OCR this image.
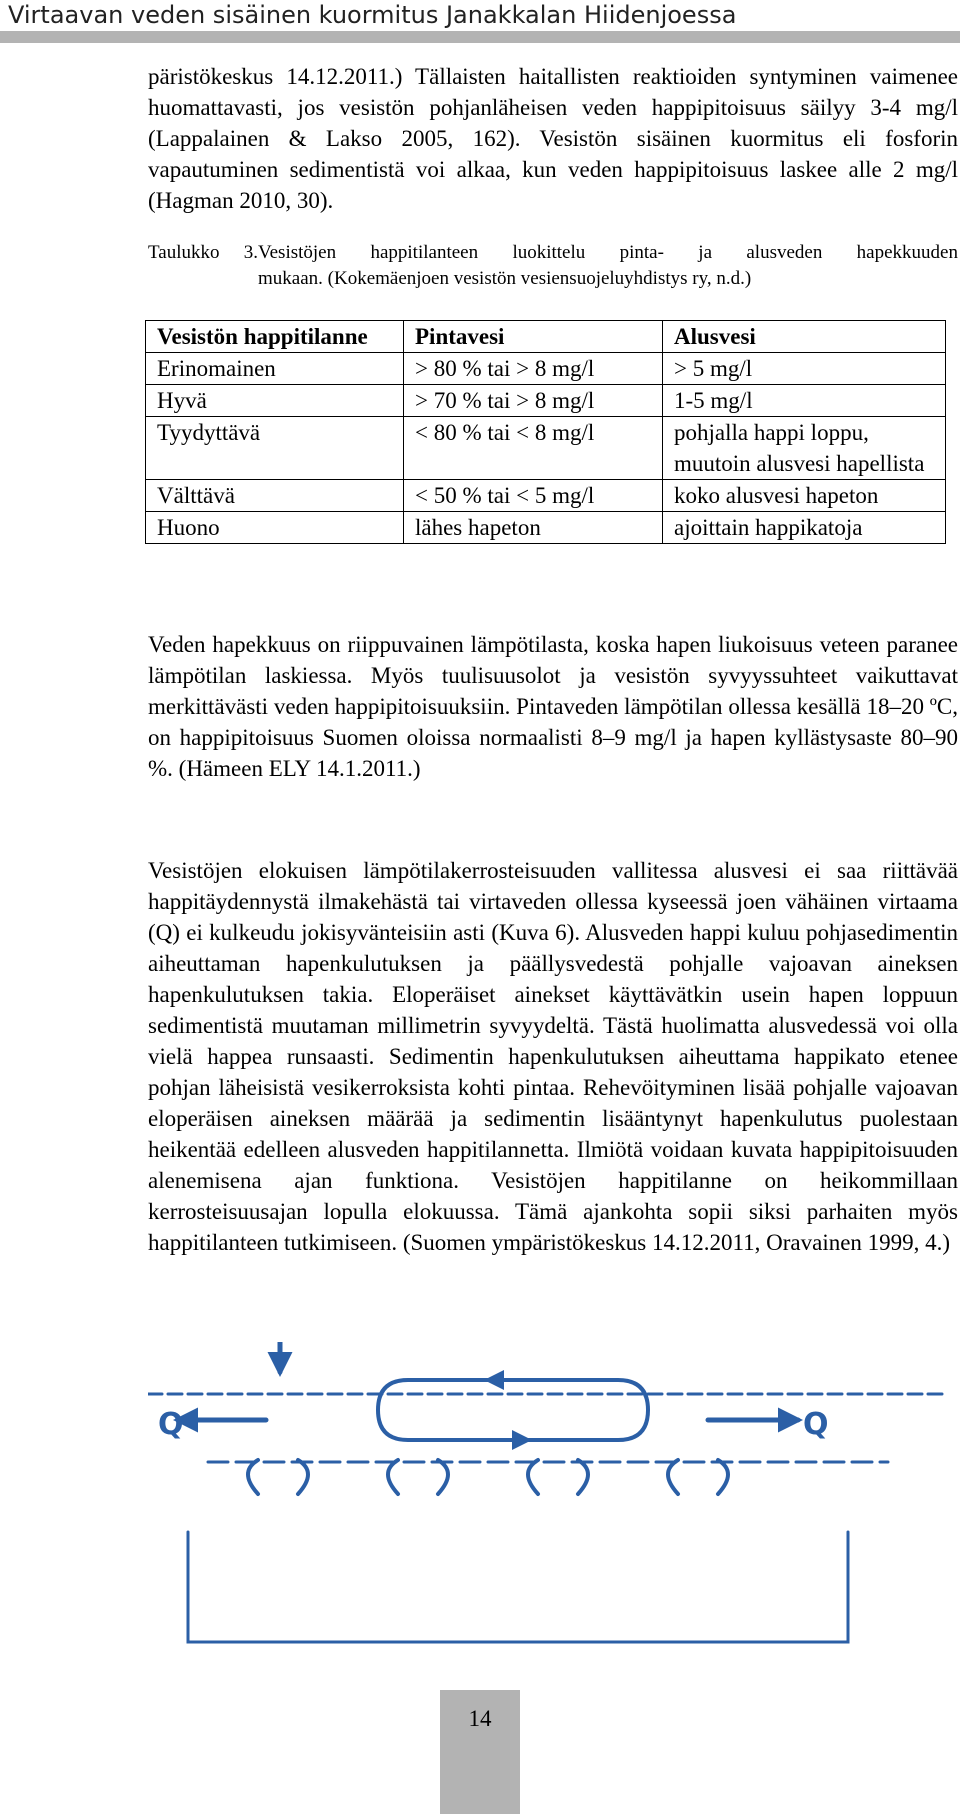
Virtaavan veden sisäinen kuormitus Janakkalan Hiidenjoessa

päristökeskus 14.12.2011.) Tällaisten haitallisten reaktioiden syntyminen vaimenee huomattavasti, jos vesistön pohjanläheisen veden happipitoisuus säilyy 3-4 mg/l (Lappalainen & Lakso 2005, 162). Vesistön sisäinen kuormitus eli fosforin vapautuminen sedimentistä voi alkaa, kun veden happipitoisuus laskee alle 2 mg/l (Hagman 2010, 30).

Taulukko 3.Vesistöjen happitilanteen luokittelu pinta- ja alusveden hapekkuuden
mukaan. (Kokemäenjoen vesistön vesiensuojeluyhdistys ry, n.d.)
Vesistön happitilanne	Pintavesi	Alusvesi
Erinomainen	> 80 % tai > 8 mg/l	> 5 mg/l
Hyvä	> 70 % tai > 8 mg/l	1-5 mg/l
Tyydyttävä	< 80 % tai < 8 mg/l	pohjalla happi loppu, muutoin alusvesi hapellista
Välttävä	< 50 % tai < 5 mg/l	koko alusvesi hapeton
Huono	lähes hapeton	ajoittain happikatoja

Veden hapekkuus on riippuvainen lämpötilasta, koska hapen liukoisuus veteen paranee lämpötilan laskiessa. Myös tuulisuusolot ja vesistön syvyyssuhteet vaikuttavat merkittävästi veden happipitoisuuksiin. Pintaveden lämpötilan ollessa kesällä 18–20 ºC, on happipitoisuus Suomen oloissa normaalisti 8–9 mg/l ja hapen kyllästysaste 80–90 %. (Hämeen ELY 14.1.2011.)

Vesistöjen elokuisen lämpötilakerrosteisuuden vallitessa alusvesi ei saa riittävää happitäydennystä ilmakehästä tai virtaveden ollessa kyseessä joen vähäinen virtaama (Q) ei kulkeudu jokisyvänteisiin asti (Kuva 6). Alusveden happi kuluu pohjasedimentin aiheuttaman hapenkulutuksen ja päällysvedestä pohjalle vajoavan aineksen hapenkulutuksen takia. Eloperäiset ainekset käyttävätkin usein hapen loppuun sedimentistä muutaman millimetrin syvyydeltä. Tästä huolimatta alusvedessä voi olla vielä happea runsaasti. Sedimentin hapenkulutuksen aiheuttama happikato etenee pohjan läheisistä vesikerroksista kohti pintaa. Rehevöityminen lisää pohjalle vajoavan eloperäisen aineksen määrää ja sedimentin lisääntynyt hapenkulutus puolestaan heikentää edelleen alusveden happitilannetta. Ilmiötä voidaan kuvata happipitoisuuden alenemisena ajan funktiona. Vesistöjen happitilanne on heikommillaan kerrosteisuusajan lopulla elokuussa. Tämä ajankohta sopii siksi parhaiten myös happitilanteen tutkimiseen. (Suomen ympäristökeskus 14.12.2011, Oravainen 1999, 4.)

Q	Q
14
